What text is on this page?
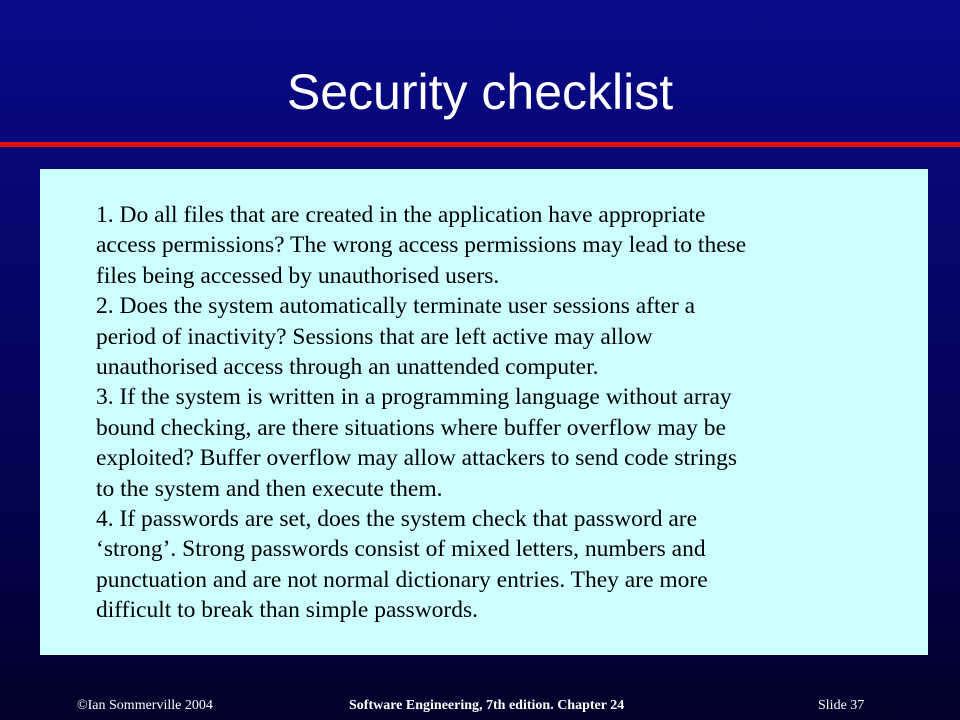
Security checklist

1. Do all files that are created in the application have appropriate
access permissions? The wrong access permissions may lead to these
files being accessed by unauthorised users.
2. Does the system automatically terminate user sessions after a
period of inactivity? Sessions that are left active may allow
unauthorised access through an unattended computer.
3. If the system is written in a programming language without array
bound checking, are there situations where buffer overflow may be
exploited? Buffer overflow may allow attackers to send code strings
to the system and then execute them.
4. If passwords are set, does the system check that password are
‘strong’. Strong passwords consist of mixed letters, numbers and
punctuation and are not normal dictionary entries. They are more
difficult to break than simple passwords.

©Ian Sommerville 2004	Software Engineering, 7th edition. Chapter 24	Slide 37
